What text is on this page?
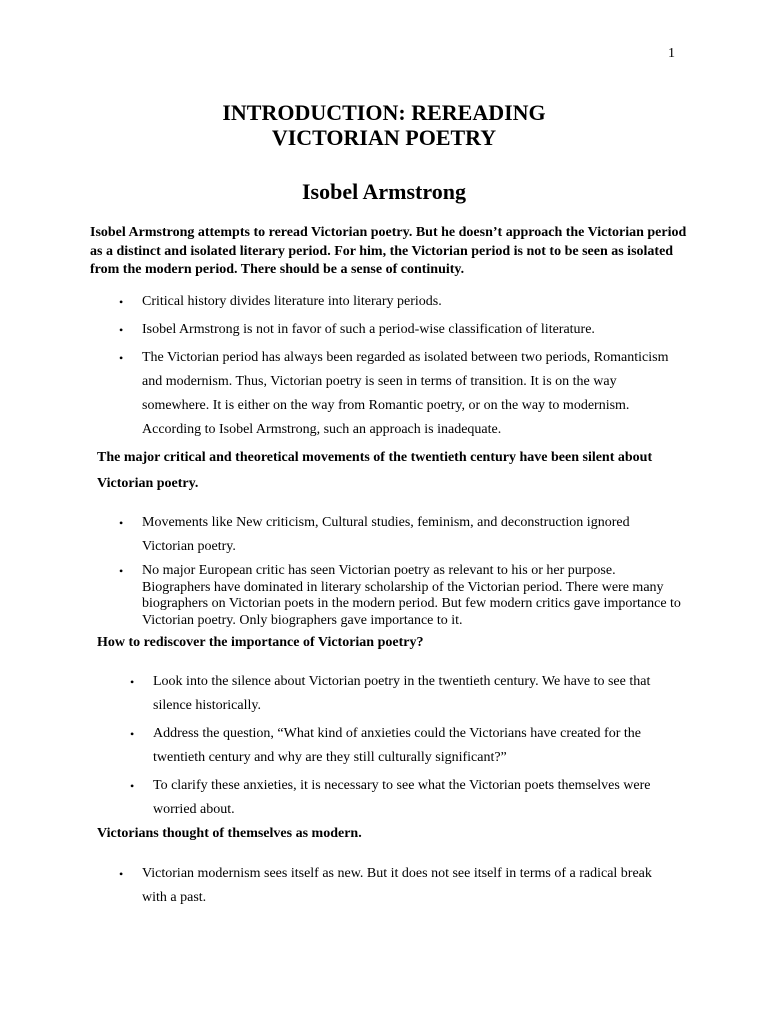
1
INTRODUCTION: REREADING
VICTORIAN POETRY
Isobel Armstrong
Isobel Armstrong attempts to reread Victorian poetry. But he doesn’t approach the Victorian period as a distinct and isolated literary period. For him, the Victorian period is not to be seen as isolated from the modern period. There should be a sense of continuity.
• Critical history divides literature into literary periods.
• Isobel Armstrong is not in favor of such a period-wise classification of literature.
• The Victorian period has always been regarded as isolated between two periods, Romanticism and modernism. Thus, Victorian poetry is seen in terms of transition. It is on the way somewhere. It is either on the way from Romantic poetry, or on the way to modernism. According to Isobel Armstrong, such an approach is inadequate.

The major critical and theoretical movements of the twentieth century have been silent about Victorian poetry.

• Movements like New criticism, Cultural studies, feminism, and deconstruction ignored Victorian poetry.
• No major European critic has seen Victorian poetry as relevant to his or her purpose. Biographers have dominated in literary scholarship of the Victorian period. There were many biographers on Victorian poets in the modern period. But few modern critics gave importance to Victorian poetry. Only biographers gave importance to it.

How to rediscover the importance of Victorian poetry?

• Look into the silence about Victorian poetry in the twentieth century. We have to see that silence historically.
• Address the question, “What kind of anxieties could the Victorians have created for the twentieth century and why are they still culturally significant?”
• To clarify these anxieties, it is necessary to see what the Victorian poets themselves were worried about.

Victorians thought of themselves as modern.

• Victorian modernism sees itself as new. But it does not see itself in terms of a radical break with a past.
